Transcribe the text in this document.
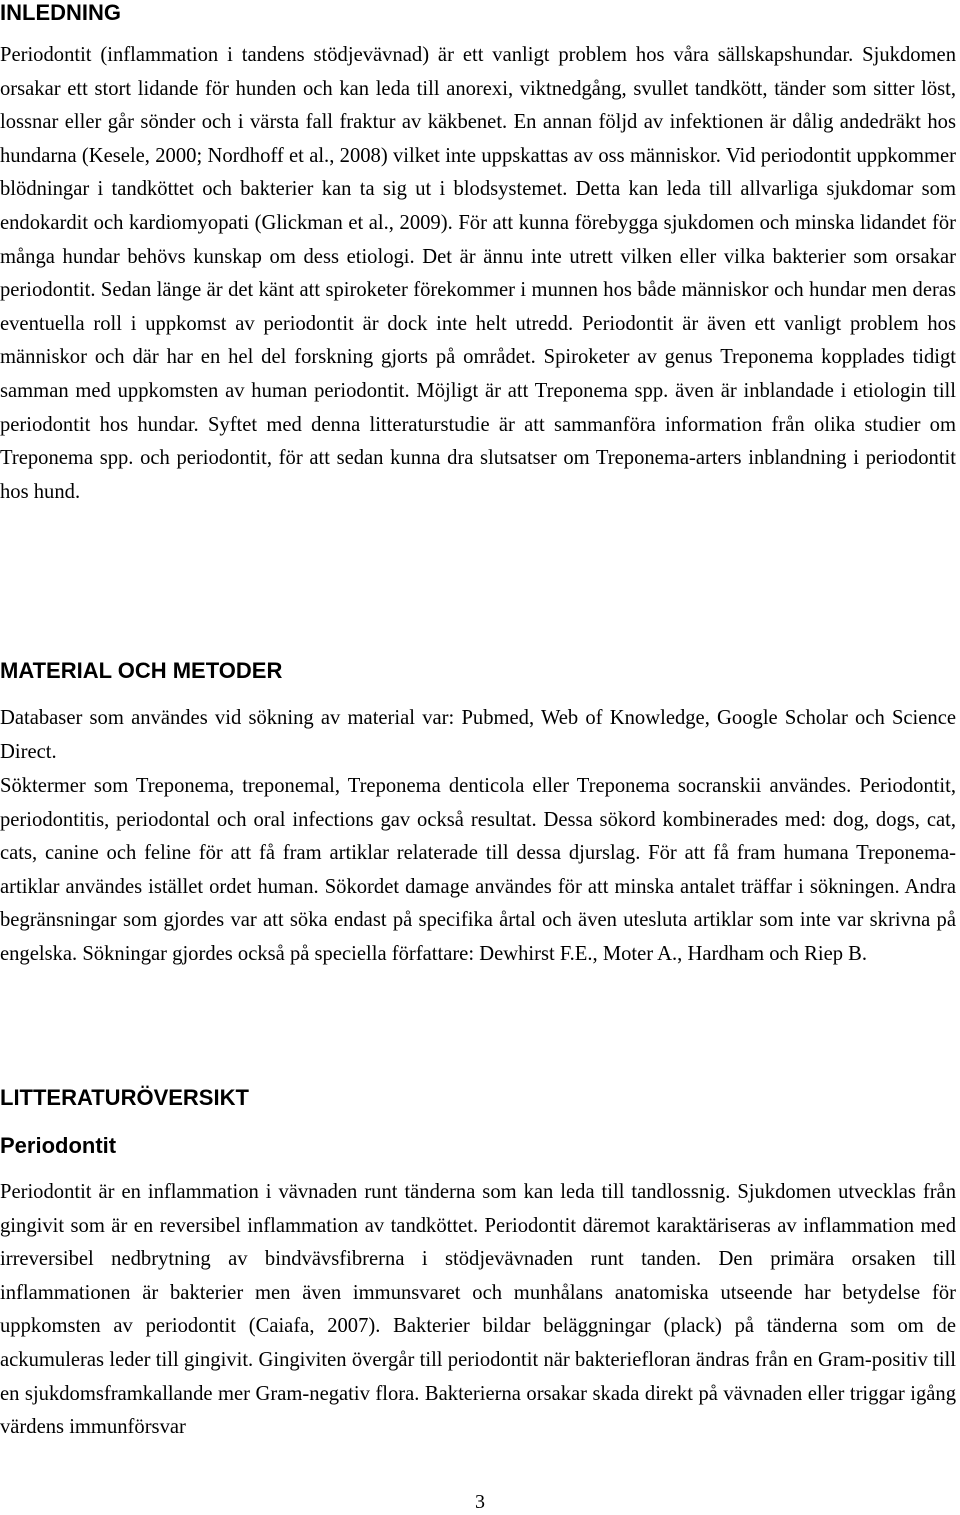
INLEDNING

Periodontit (inflammation i tandens stödjevävnad) är ett vanligt problem hos våra sällskapshundar. Sjukdomen orsakar ett stort lidande för hunden och kan leda till anorexi, viktnedgång, svullet tandkött, tänder som sitter löst, lossnar eller går sönder och i värsta fall fraktur av käkbenet. En annan följd av infektionen är dålig andedräkt hos hundarna (Kesele, 2000; Nordhoff et al., 2008) vilket inte uppskattas av oss människor. Vid periodontit uppkommer blödningar i tandköttet och bakterier kan ta sig ut i blodsystemet. Detta kan leda till allvarliga sjukdomar som endokardit och kardiomyopati (Glickman et al., 2009). För att kunna förebygga sjukdomen och minska lidandet för många hundar behövs kunskap om dess etiologi. Det är ännu inte utrett vilken eller vilka bakterier som orsakar periodontit. Sedan länge är det känt att spiroketer förekommer i munnen hos både människor och hundar men deras eventuella roll i uppkomst av periodontit är dock inte helt utredd. Periodontit är även ett vanligt problem hos människor och där har en hel del forskning gjorts på området. Spiroketer av genus Treponema kopplades tidigt samman med uppkomsten av human periodontit. Möjligt är att Treponema spp. även är inblandade i etiologin till periodontit hos hundar. Syftet med denna litteraturstudie är att sammanföra information från olika studier om Treponema spp. och periodontit, för att sedan kunna dra slutsatser om Treponema-arters inblandning i periodontit hos hund.

MATERIAL OCH METODER

Databaser som användes vid sökning av material var: Pubmed, Web of Knowledge, Google Scholar och Science Direct.

Söktermer som Treponema, treponemal, Treponema denticola eller Treponema socranskii användes. Periodontit, periodontitis, periodontal och oral infections gav också resultat. Dessa sökord kombinerades med: dog, dogs, cat, cats, canine och feline för att få fram artiklar relaterade till dessa djurslag. För att få fram humana Treponema-artiklar användes istället ordet human. Sökordet damage användes för att minska antalet träffar i sökningen. Andra begränsningar som gjordes var att söka endast på specifika årtal och även utesluta artiklar som inte var skrivna på engelska. Sökningar gjordes också på speciella författare: Dewhirst F.E., Moter A., Hardham och Riep B.

LITTERATURÖVERSIKT
Periodontit

Periodontit är en inflammation i vävnaden runt tänderna som kan leda till tandlossnig. Sjukdomen utvecklas från gingivit som är en reversibel inflammation av tandköttet. Periodontit däremot karaktäriseras av inflammation med irreversibel nedbrytning av bindvävsfibrerna i stödjevävnaden runt tanden. Den primära orsaken till inflammationen är bakterier men även immunsvaret och munhålans anatomiska utseende har betydelse för uppkomsten av periodontit (Caiafa, 2007). Bakterier bildar beläggningar (plack) på tänderna som om de ackumuleras leder till gingivit. Gingiviten övergår till periodontit när bakteriefloran ändras från en Gram-positiv till en sjukdomsframkallande mer Gram-negativ flora. Bakterierna orsakar skada direkt på vävnaden eller triggar igång värdens immunförsvar

3
